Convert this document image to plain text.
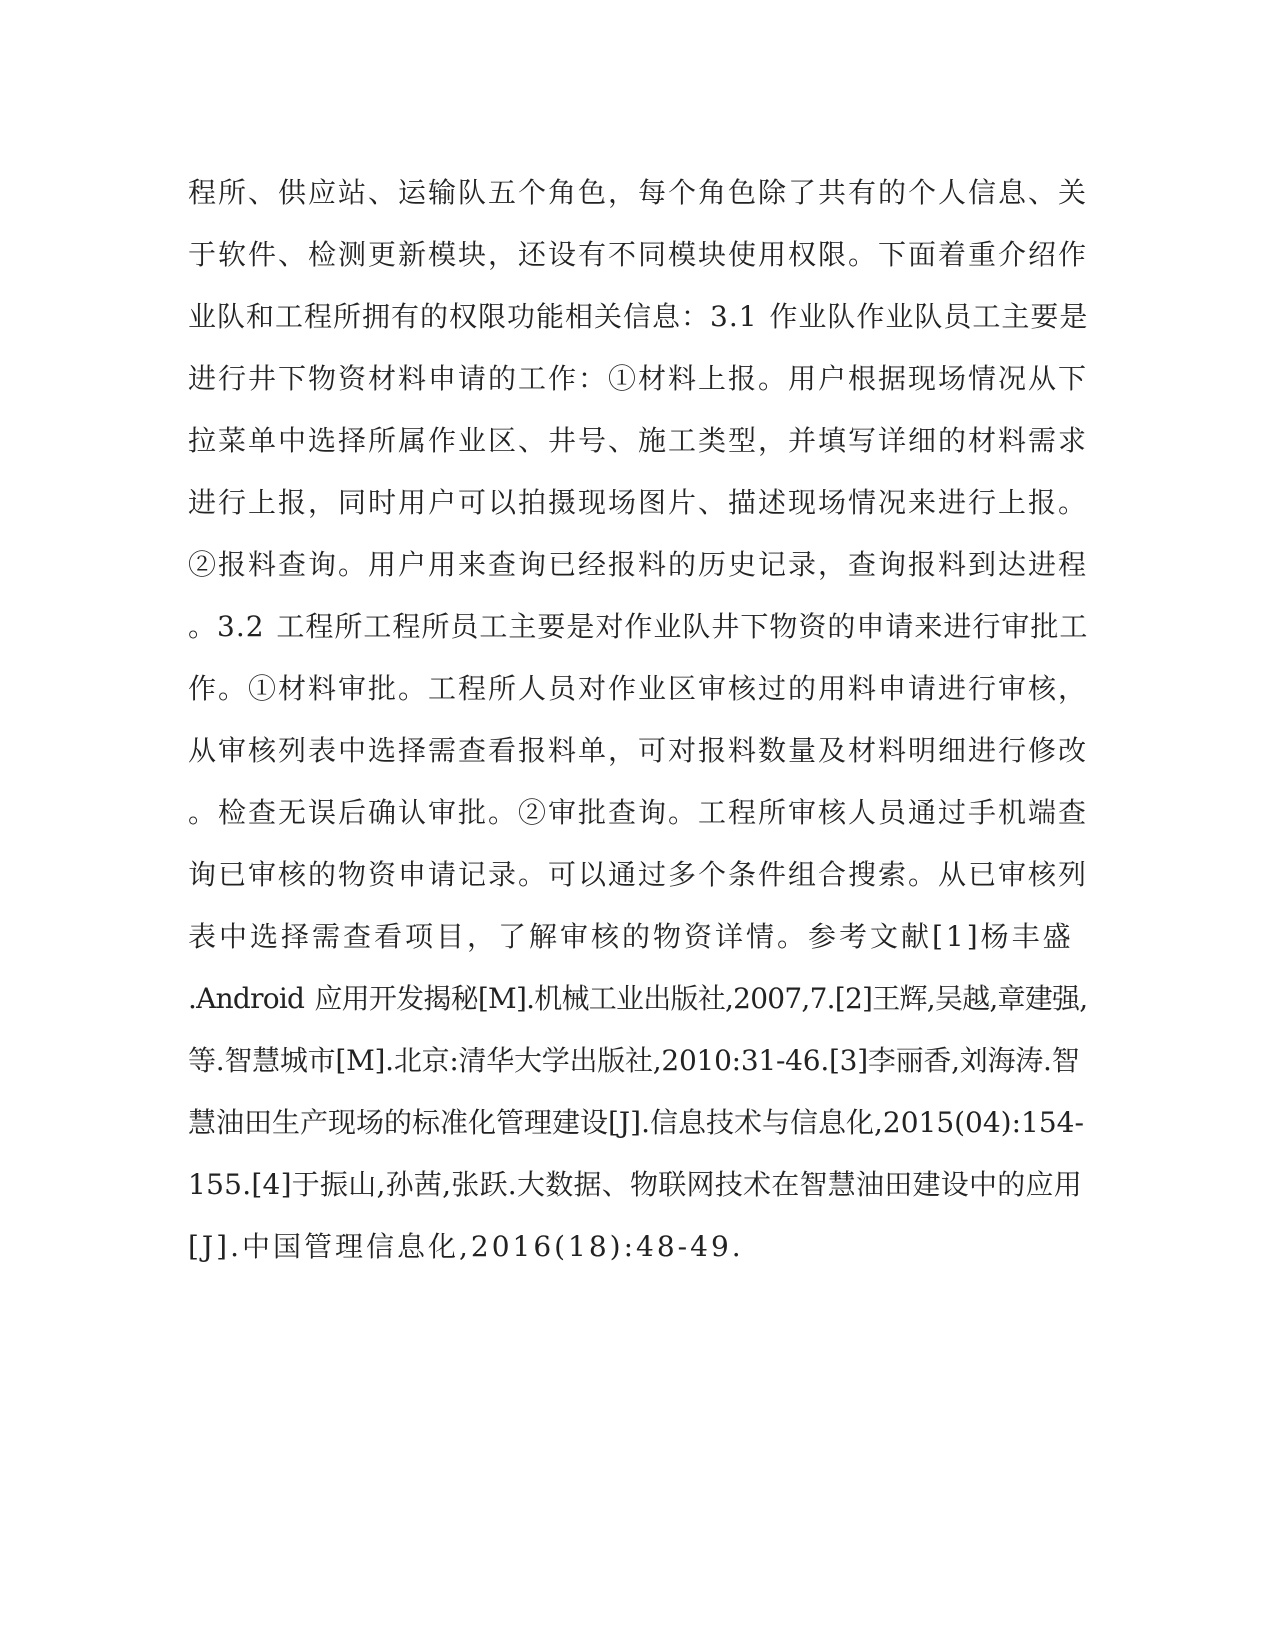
程所、供应站、运输队五个角色，每个角色除了共有的个人信息、关
于软件、检测更新模块，还设有不同模块使用权限。下面着重介绍作
业队和工程所拥有的权限功能相关信息：3.1 作业队作业队员工主要是
进行井下物资材料申请的工作：①材料上报。用户根据现场情况从下
拉菜单中选择所属作业区、井号、施工类型，并填写详细的材料需求
进行上报，同时用户可以拍摄现场图片、描述现场情况来进行上报。
②报料查询。用户用来查询已经报料的历史记录，查询报料到达进程
。3.2 工程所工程所员工主要是对作业队井下物资的申请来进行审批工
作。①材料审批。工程所人员对作业区审核过的用料申请进行审核，
从审核列表中选择需查看报料单，可对报料数量及材料明细进行修改
。检查无误后确认审批。②审批查询。工程所审核人员通过手机端查
询已审核的物资申请记录。可以通过多个条件组合搜索。从已审核列
表中选择需查看项目，了解审核的物资详情。参考文献[1]杨丰盛
.Android 应用开发揭秘[M].机械工业出版社,2007,7.[2]王辉,吴越,章建强,
等.智慧城市[M].北京:清华大学出版社,2010:31-46.[3]李丽香,刘海涛.智
慧油田生产现场的标准化管理建设[J].信息技术与信息化,2015(04):154-
155.[4]于振山,孙茜,张跃.大数据、物联网技术在智慧油田建设中的应用
[J].中国管理信息化,2016(18):48-49.
